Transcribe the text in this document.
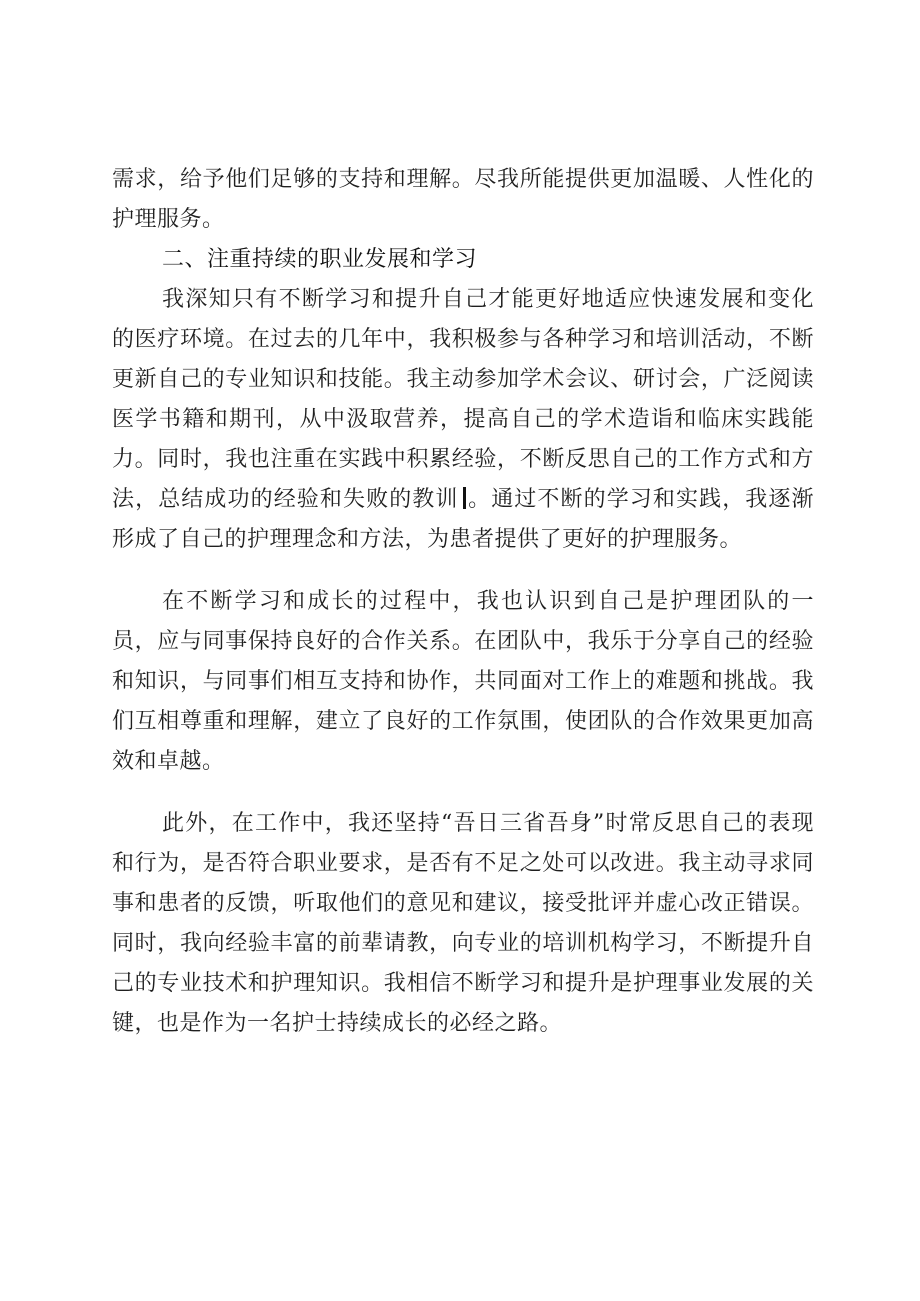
需求，给予他们足够的支持和理解。尽我所能提供更加温暖、人性化的护理服务。

二、注重持续的职业发展和学习

我深知只有不断学习和提升自己才能更好地适应快速发展和变化的医疗环境。在过去的几年中，我积极参与各种学习和培训活动，不断更新自己的专业知识和技能。我主动参加学术会议、研讨会，广泛阅读医学书籍和期刊，从中汲取营养，提高自己的学术造诣和临床实践能力。同时，我也注重在实践中积累经验，不断反思自己的工作方式和方法，总结成功的经验和失败的教训 。通过不断的学习和实践，我逐渐形成了自己的护理理念和方法，为患者提供了更好的护理服务。

在不断学习和成长的过程中，我也认识到自己是护理团队的一员，应与同事保持良好的合作关系。在团队中，我乐于分享自己的经验和知识，与同事们相互支持和协作，共同面对工作上的难题和挑战。我们互相尊重和理解，建立了良好的工作氛围，使团队的合作效果更加高效和卓越。

此外，在工作中，我还坚持“吾日三省吾身”时常反思自己的表现和行为，是否符合职业要求，是否有不足之处可以改进。我主动寻求同事和患者的反馈，听取他们的意见和建议，接受批评并虚心改正错误。同时，我向经验丰富的前辈请教，向专业的培训机构学习，不断提升自己的专业技术和护理知识。我相信不断学习和提升是护理事业发展的关键，也是作为一名护士持续成长的必经之路。
